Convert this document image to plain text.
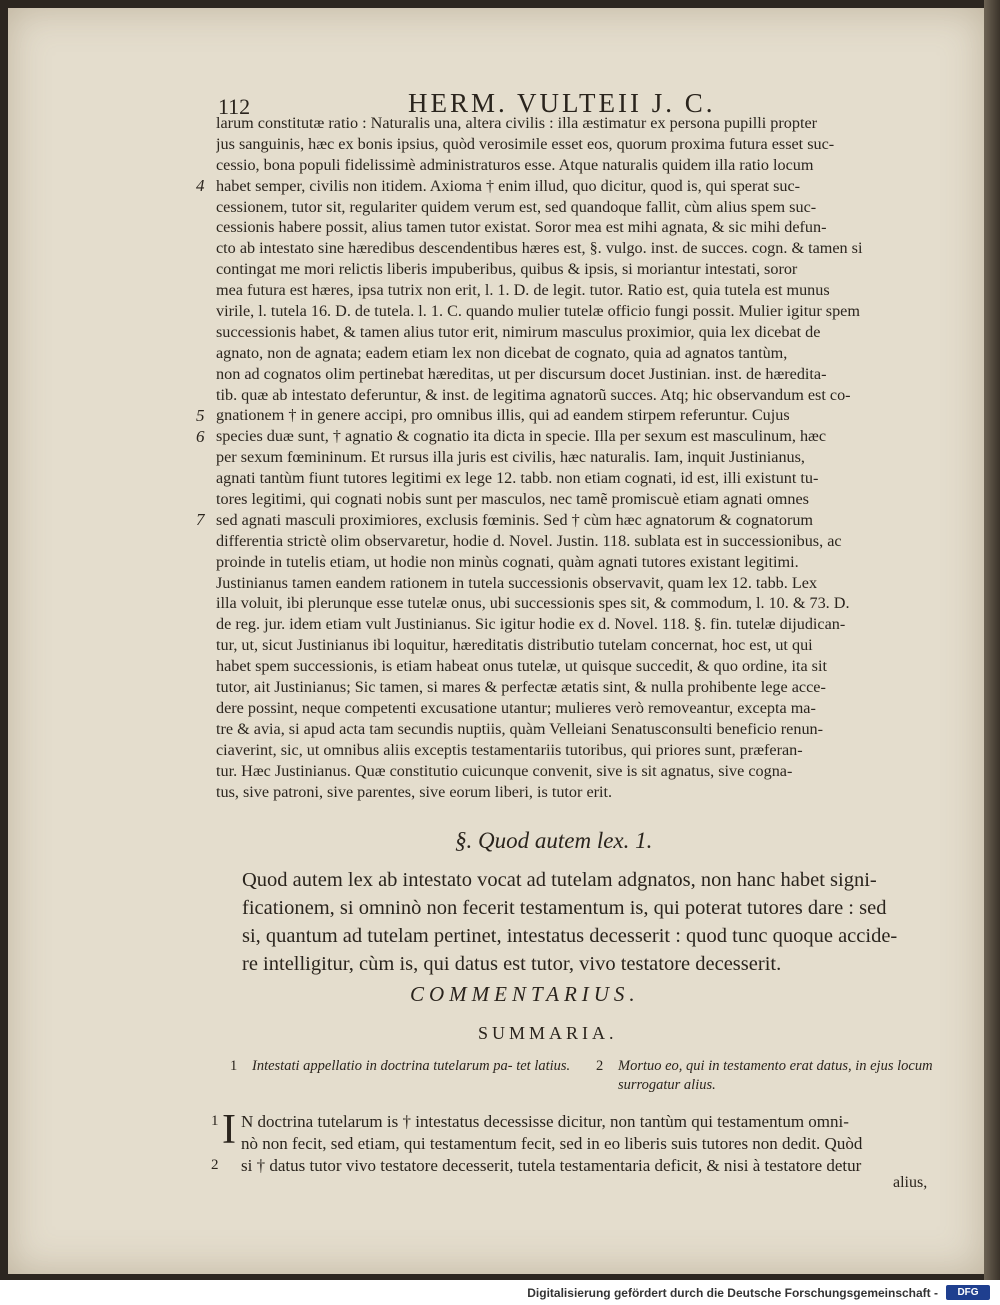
112	HERM. VULTEII J. C.
larum constitutæ ratio : Naturalis una, altera civilis : illa æstimatur ex persona pupilli propter
jus sanguinis, hæc ex bonis ipsius, quòd verosimile esset eos, quorum proxima futura esset suc-
cessio, bona populi fidelissimè administraturos esse. Atque naturalis quidem illa ratio locum
habet semper, civilis non itidem. Axioma † enim illud, quo dicitur, quod is, qui sperat suc-
cessionem, tutor sit, regulariter quidem verum est, sed quandoque fallit, cùm alius spem suc-
cessionis habere possit, alius tamen tutor existat. Soror mea est mihi agnata, & sic mihi defun-
cto ab intestato sine hæredibus descendentibus hæres est, §. vulgo. inst. de succes. cogn. & tamen si
contingat me mori relictis liberis impuberibus, quibus & ipsis, si moriantur intestati, soror
mea futura est hæres, ipsa tutrix non erit, l. 1. D. de legit. tutor. Ratio est, quia tutela est munus
virile, l. tutela 16. D. de tutela. l. 1. C. quando mulier tutelæ officio fungi possit. Mulier igitur spem
successionis habet, & tamen alius tutor erit, nimirum masculus proximior, quia lex dicebat de
agnato, non de agnata; eadem etiam lex non dicebat de cognato, quia ad agnatos tantùm,
non ad cognatos olim pertinebat hæreditas, ut per discursum docet Justinian. inst. de hæredita-
tib. quæ ab intestato deferuntur, & inst. de legitima agnatorũ succes. Atq; hic observandum est co-
gnationem † in genere accipi, pro omnibus illis, qui ad eandem stirpem referuntur. Cujus
species duæ sunt, † agnatio & cognatio ita dicta in specie. Illa per sexum est masculinum, hæc
per sexum fœmininum. Et rursus illa juris est civilis, hæc naturalis. Iam, inquit Justinianus,
agnati tantùm fiunt tutores legitimi ex lege 12. tabb. non etiam cognati, id est, illi existunt tu-
tores legitimi, qui cognati nobis sunt per masculos, nec tamẽ promiscuè etiam agnati omnes
sed agnati masculi proximiores, exclusis fœminis. Sed † cùm hæc agnatorum & cognatorum
differentia strictè olim observaretur, hodie d. Novel. Justin. 118. sublata est in successionibus, ac
proinde in tutelis etiam, ut hodie non minùs cognati, quàm agnati tutores existant legitimi.
Justinianus tamen eandem rationem in tutela successionis observavit, quam lex 12. tabb. Lex
illa voluit, ibi plerunque esse tutelæ onus, ubi successionis spes sit, & commodum, l. 10. & 73. D.
de reg. jur. idem etiam vult Justinianus. Sic igitur hodie ex d. Novel. 118. §. fin. tutelæ dijudican-
tur, ut, sicut Justinianus ibi loquitur, hæreditatis distributio tutelam concernat, hoc est, ut qui
habet spem successionis, is etiam habeat onus tutelæ, ut quisque succedit, & quo ordine, ita sit
tutor, ait Justinianus; Sic tamen, si mares & perfectæ ætatis sint, & nulla prohibente lege acce-
dere possint, neque competenti excusatione utantur; mulieres verò removeantur, excepta ma-
tre & avia, si apud acta tam secundis nuptiis, quàm Velleiani Senatusconsulti beneficio renun-
ciaverint, sic, ut omnibus aliis exceptis testamentariis tutoribus, qui priores sunt, præferan-
tur. Hæc Justinianus. Quæ constitutio cuicunque convenit, sive is sit agnatus, sive cogna-
tus, sive patroni, sive parentes, sive eorum liberi, is tutor erit.
4
5
6
7
§. Quod autem lex. 1.
Quod autem lex ab intestato vocat ad tutelam adgnatos, non hanc habet signi-
ficationem, si omninò non fecerit testamentum is, qui poterat tutores dare : sed
si, quantum ad tutelam pertinet, intestatus decesserit : quod tunc quoque accide-
re intelligitur, cùm is, qui datus est tutor, vivo testatore decesserit.
COMMENTARIUS.
SUMMARIA.
1 Intestati appellatio in doctrina tutelarum pa- tet latius. 2 Mortuo eo, qui in testamento erat datus, in ejus locum surrogatur alius.
I N doctrina tutelarum is † intestatus decessisse dicitur, non tantùm qui testamentum omni-
nò non fecit, sed etiam, qui testamentum fecit, sed in eo liberis suis tutores non dedit. Quòd
si † datus tutor vivo testatore decesserit, tutela testamentaria deficit, & nisi à testatore detur
1
2
alius,
Digitalisierung gefördert durch die Deutsche Forschungsgemeinschaft -	DFG
